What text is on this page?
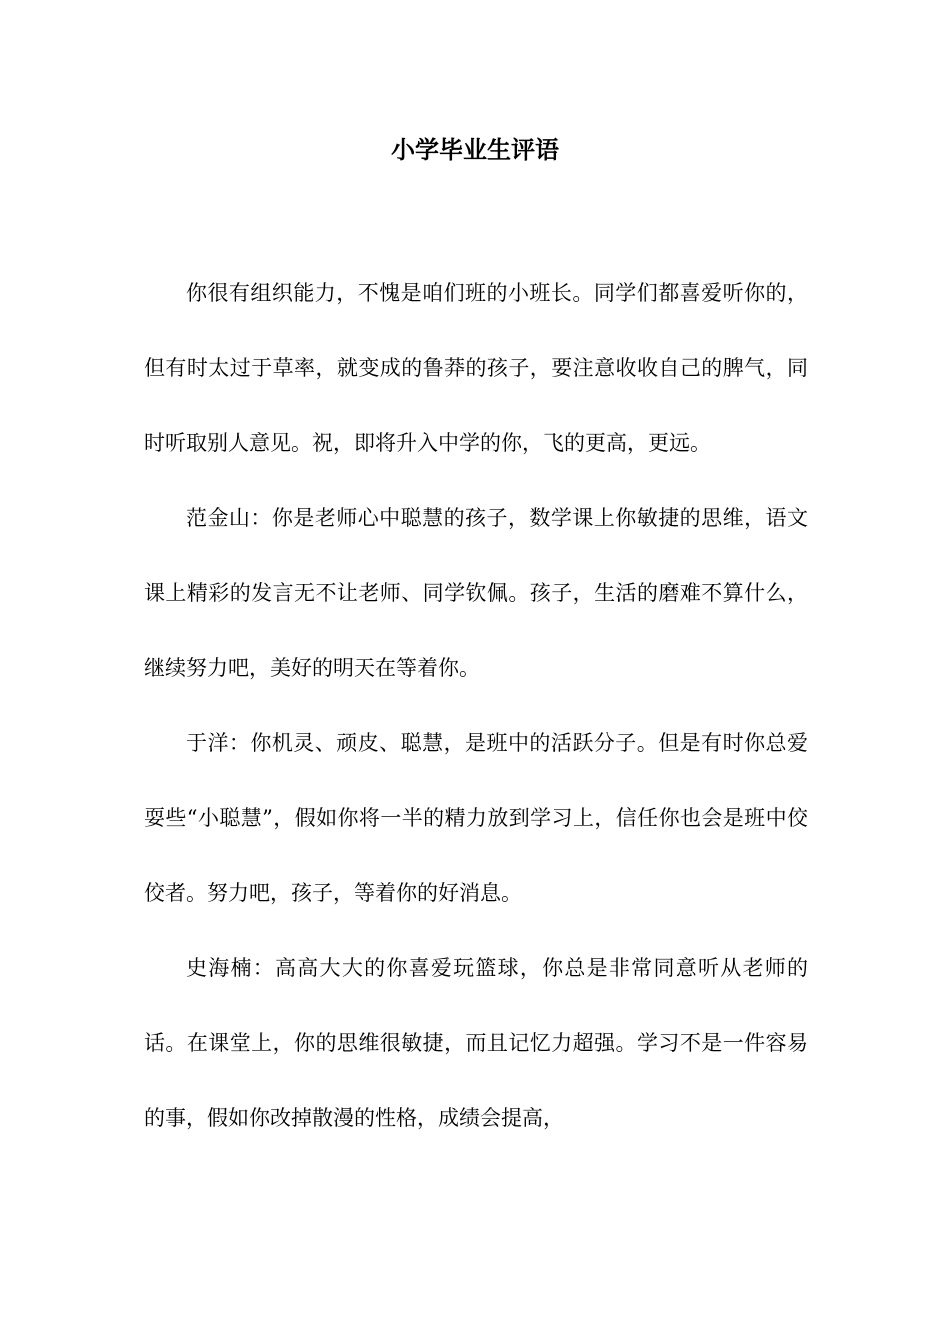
小学毕业生评语

你很有组织能力，不愧是咱们班的小班长。同学们都喜爱听你的，但有时太过于草率，就变成的鲁莽的孩子，要注意收收自己的脾气，同时听取别人意见。祝，即将升入中学的你，飞的更高，更远。

范金山：你是老师心中聪慧的孩子，数学课上你敏捷的思维，语文课上精彩的发言无不让老师、同学钦佩。孩子，生活的磨难不算什么，继续努力吧，美好的明天在等着你。

于洋：你机灵、顽皮、聪慧，是班中的活跃分子。但是有时你总爱耍些“小聪慧”，假如你将一半的精力放到学习上，信任你也会是班中佼佼者。努力吧，孩子，等着你的好消息。

史海楠：高高大大的你喜爱玩篮球，你总是非常同意听从老师的话。在课堂上，你的思维很敏捷，而且记忆力超强。学习不是一件容易的事，假如你改掉散漫的性格，成绩会提高，
